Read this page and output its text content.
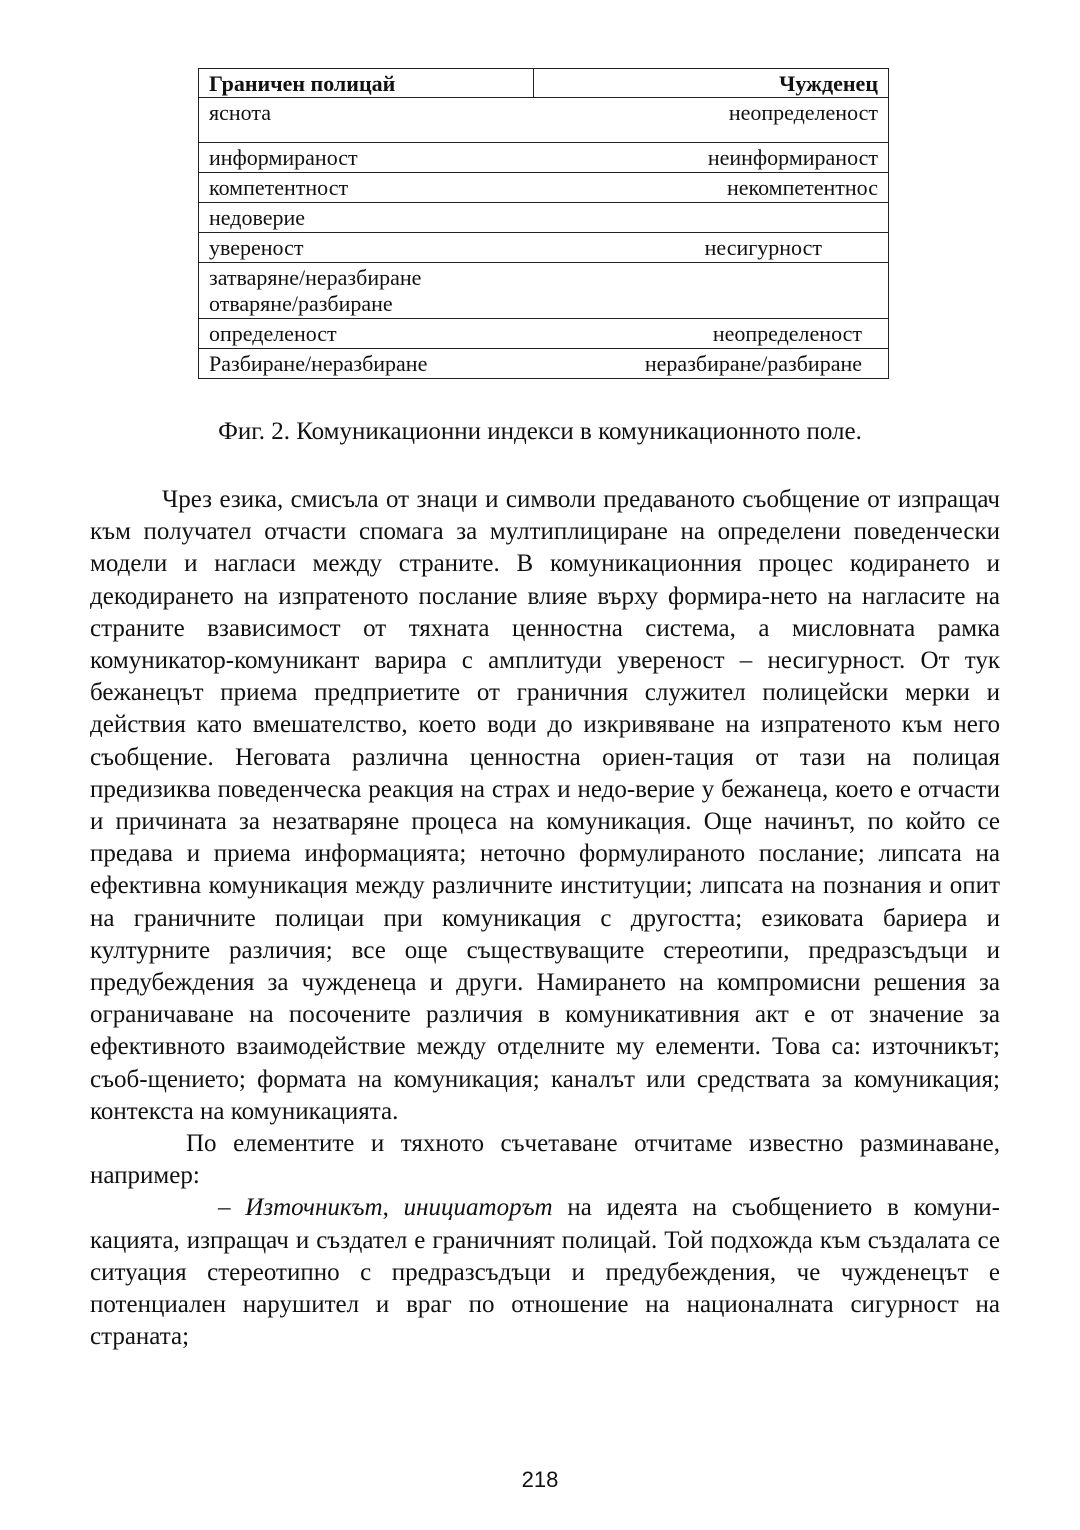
Граничен полицай	Чужденец
яснота	неопределеност
информираност	неинформираност
компетентност	некомпетентнос
недоверие	
увереност	несигурност

затваряне/неразбиране
отваряне/разбиране	

определеност	неопределеност
Разбиране/неразбиране	неразбиране/разбиране
Фиг. 2. Комуникационни индекси в комуникационното поле.

Чрез езика, смисъла от знаци и символи предаваното съобщение от изпращач към получател отчасти спомага за мултиплициране на определени поведенчески модели и нагласи между страните. В комуникационния процес кодирането и декодирането на изпратеното послание влияе върху формира-нето на нагласите на страните взависимост от тяхната ценностна система, а мисловната рамка комуникатор-комуникант варира с амплитуди увереност – несигурност. От тук бежанецът приема предприетите от граничния служител полицейски мерки и действия като вмешателство, което води до изкривяване на изпратеното към него съобщение. Неговата различна ценностна ориен-тация от тази на полицая предизиква поведенческа реакция на страх и недо-верие у бежанеца, което е отчасти и причината за незатваряне процеса на комуникация. Още начинът, по който се предава и приема информацията; неточно формулираното послание; липсата на ефективна комуникация между различните институции; липсата на познания и опит на граничните полицаи при комуникация с другостта; езиковата бариера и културните различия; все още съществуващите стереотипи, предразсъдъци и предубеждения за чужденеца и други. Намирането на компромисни решения за ограничаване на посочените различия в комуникативния акт е от значение за ефективното взаимодействие между отделните му елементи. Това са: източникът; съоб-щението; формата на комуникация; каналът или средствата за комуникация; контекста на комуникацията.

По елементите и тяхното съчетаване отчитаме известно разминаване, например:

– Източникът, инициаторът на идеята на съобщението в комуни-кацията, изпращач и създател е граничният полицай. Той подхожда към създалата се ситуация стереотипно с предразсъдъци и предубеждения, че чужденецът е потенциален нарушител и враг по отношение на националната сигурност на страната;

218
